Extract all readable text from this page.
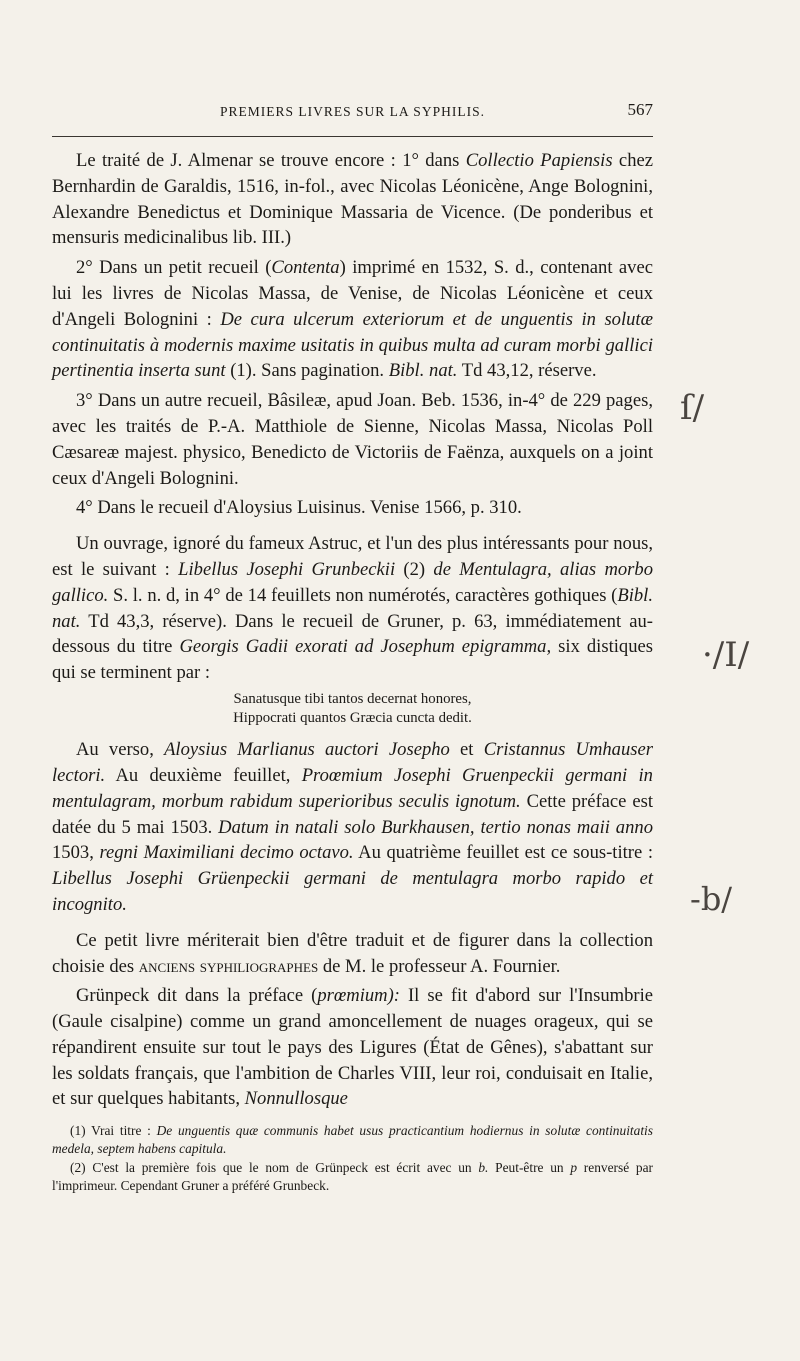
PREMIERS LIVRES SUR LA SYPHILIS.	567

Le traité de J. Almenar se trouve encore : 1° dans Collectio Papiensis chez Bernhardin de Garaldis, 1516, in-fol., avec Nicolas Léonicène, Ange Bolognini, Alexandre Benedictus et Dominique Massaria de Vicence. (De ponderibus et mensuris medicinalibus lib. III.)

2° Dans un petit recueil (Contenta) imprimé en 1532, S. d., contenant avec lui les livres de Nicolas Massa, de Venise, de Nicolas Léonicène et ceux d'Angeli Bolognini : De cura ulcerum exteriorum et de unguentis in solutæ continuitatis à modernis maxime usitatis in quibus multa ad curam morbi gallici pertinentia inserta sunt (1). Sans pagination. Bibl. nat. Td 43,12, réserve.

3° Dans un autre recueil, Bâsileæ, apud Joan. Beb. 1536, in-4° de 229 pages, avec les traités de P.-A. Matthiole de Sienne, Nicolas Massa, Nicolas Poll Cæsareæ majest. physico, Benedicto de Victoriis de Faënza, auxquels on a joint ceux d'Angeli Bolognini.

4° Dans le recueil d'Aloysius Luisinus. Venise 1566, p. 310.

Un ouvrage, ignoré du fameux Astruc, et l'un des plus intéressants pour nous, est le suivant : Libellus Josephi Grunbeckii (2) de Mentulagra, alias morbo gallico. S. l. n. d, in 4° de 14 feuillets non numérotés, caractères gothiques (Bibl. nat. Td 43,3, réserve). Dans le recueil de Gruner, p. 63, immédiatement au-dessous du titre Georgis Gadii exorati ad Josephum epigramma, six distiques qui se terminent par :

Sanatusque tibi tantos decernat honores,
Hippocrati quantos Græcia cuncta dedit.

Au verso, Aloysius Marlianus auctori Josepho et Cristannus Umhauser lectori. Au deuxième feuillet, Proœmium Josephi Gruenpeckii germani in mentulagram, morbum rabidum superioribus seculis ignotum. Cette préface est datée du 5 mai 1503. Datum in natali solo Burkhausen, tertio nonas maii anno 1503, regni Maximiliani decimo octavo. Au quatrième feuillet est ce sous-titre : Libellus Josephi Grüenpeckii germani de mentulagra morbo rapido et incognito.

Ce petit livre mériterait bien d'être traduit et de figurer dans la collection choisie des anciens syphiliographes de M. le professeur A. Fournier.

Grünpeck dit dans la préface (prœmium): Il se fit d'abord sur l'Insumbrie (Gaule cisalpine) comme un grand amoncellement de nuages orageux, qui se répandirent ensuite sur tout le pays des Ligures (État de Gênes), s'abattant sur les soldats français, que l'ambition de Charles VIII, leur roi, conduisait en Italie, et sur quelques habitants, Nonnullosque

(1) Vrai titre : De unguentis quæ communis habet usus practicantium hodiernus in solutæ continuitatis medela, septem habens capitula.

(2) C'est la première fois que le nom de Grünpeck est écrit avec un b. Peut-être un p renversé par l'imprimeur. Cependant Gruner a préféré Grunbeck.

ſ/
·/I/
-b/
